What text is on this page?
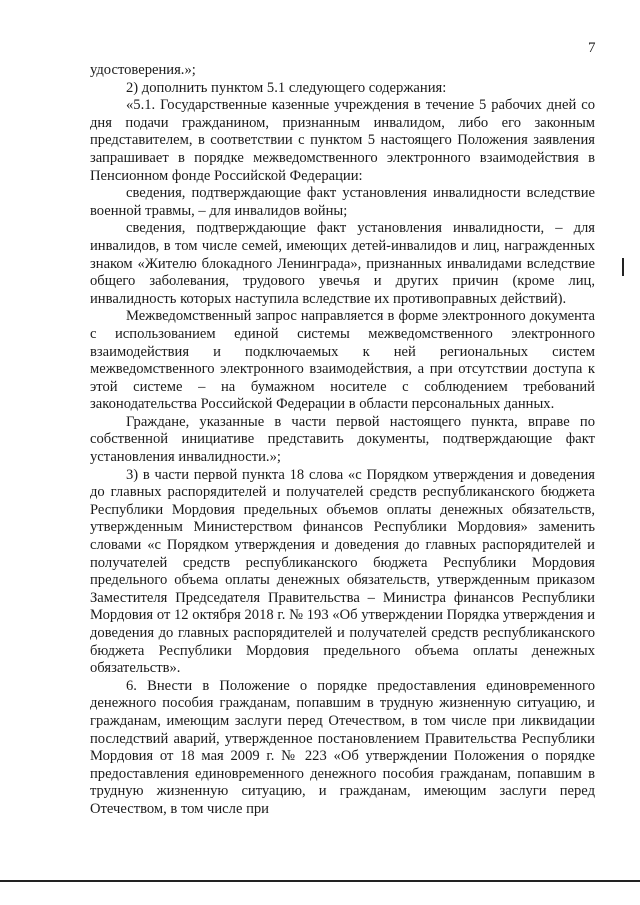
7

удостоверения.»;

2) дополнить пунктом 5.1 следующего содержания:

«5.1. Государственные казенные учреждения в течение 5 рабочих дней со дня подачи гражданином, признанным инвалидом, либо его законным представителем, в соответствии с пунктом 5 настоящего Положения заявления запрашивает в порядке межведомственного электронного взаимодействия в Пенсионном фонде Российской Федерации:

сведения, подтверждающие факт установления инвалидности вследствие военной травмы, – для инвалидов войны;

сведения, подтверждающие факт установления инвалидности, – для инвалидов, в том числе семей, имеющих детей-инвалидов и лиц, награжденных знаком «Жителю блокадного Ленинграда», признанных инвалидами вследствие общего заболевания, трудового увечья и других причин (кроме лиц, инвалидность которых наступила вследствие их противоправных действий).

Межведомственный запрос направляется в форме электронного документа с использованием единой системы межведомственного электронного взаимодействия и подключаемых к ней региональных систем межведомственного электронного взаимодействия, а при отсутствии доступа к этой системе – на бумажном носителе с соблюдением требований законодательства Российской Федерации в области персональных данных.

Граждане, указанные в части первой настоящего пункта, вправе по собственной инициативе представить документы, подтверждающие факт установления инвалидности.»;

3) в части первой пункта 18 слова «с Порядком утверждения и доведения до главных распорядителей и получателей средств республиканского бюджета Республики Мордовия предельных объемов оплаты денежных обязательств, утвержденным Министерством финансов Республики Мордовия» заменить словами «с Порядком утверждения и доведения до главных распорядителей и получателей средств республиканского бюджета Республики Мордовия предельного объема оплаты денежных обязательств, утвержденным приказом Заместителя Председателя Правительства – Министра финансов Республики Мордовия от 12 октября 2018 г. № 193 «Об утверждении Порядка утверждения и доведения до главных распорядителей и получателей средств республиканского бюджета Республики Мордовия предельного объема оплаты денежных обязательств».

6. Внести в Положение о порядке предоставления единовременного денежного пособия гражданам, попавшим в трудную жизненную ситуацию, и гражданам, имеющим заслуги перед Отечеством, в том числе при ликвидации последствий аварий, утвержденное постановлением Правительства Республики Мордовия от 18 мая 2009 г. № 223 «Об утверждении Положения о порядке предоставления единовременного денежного пособия гражданам, попавшим в трудную жизненную ситуацию, и гражданам, имеющим заслуги перед Отечеством, в том числе при
